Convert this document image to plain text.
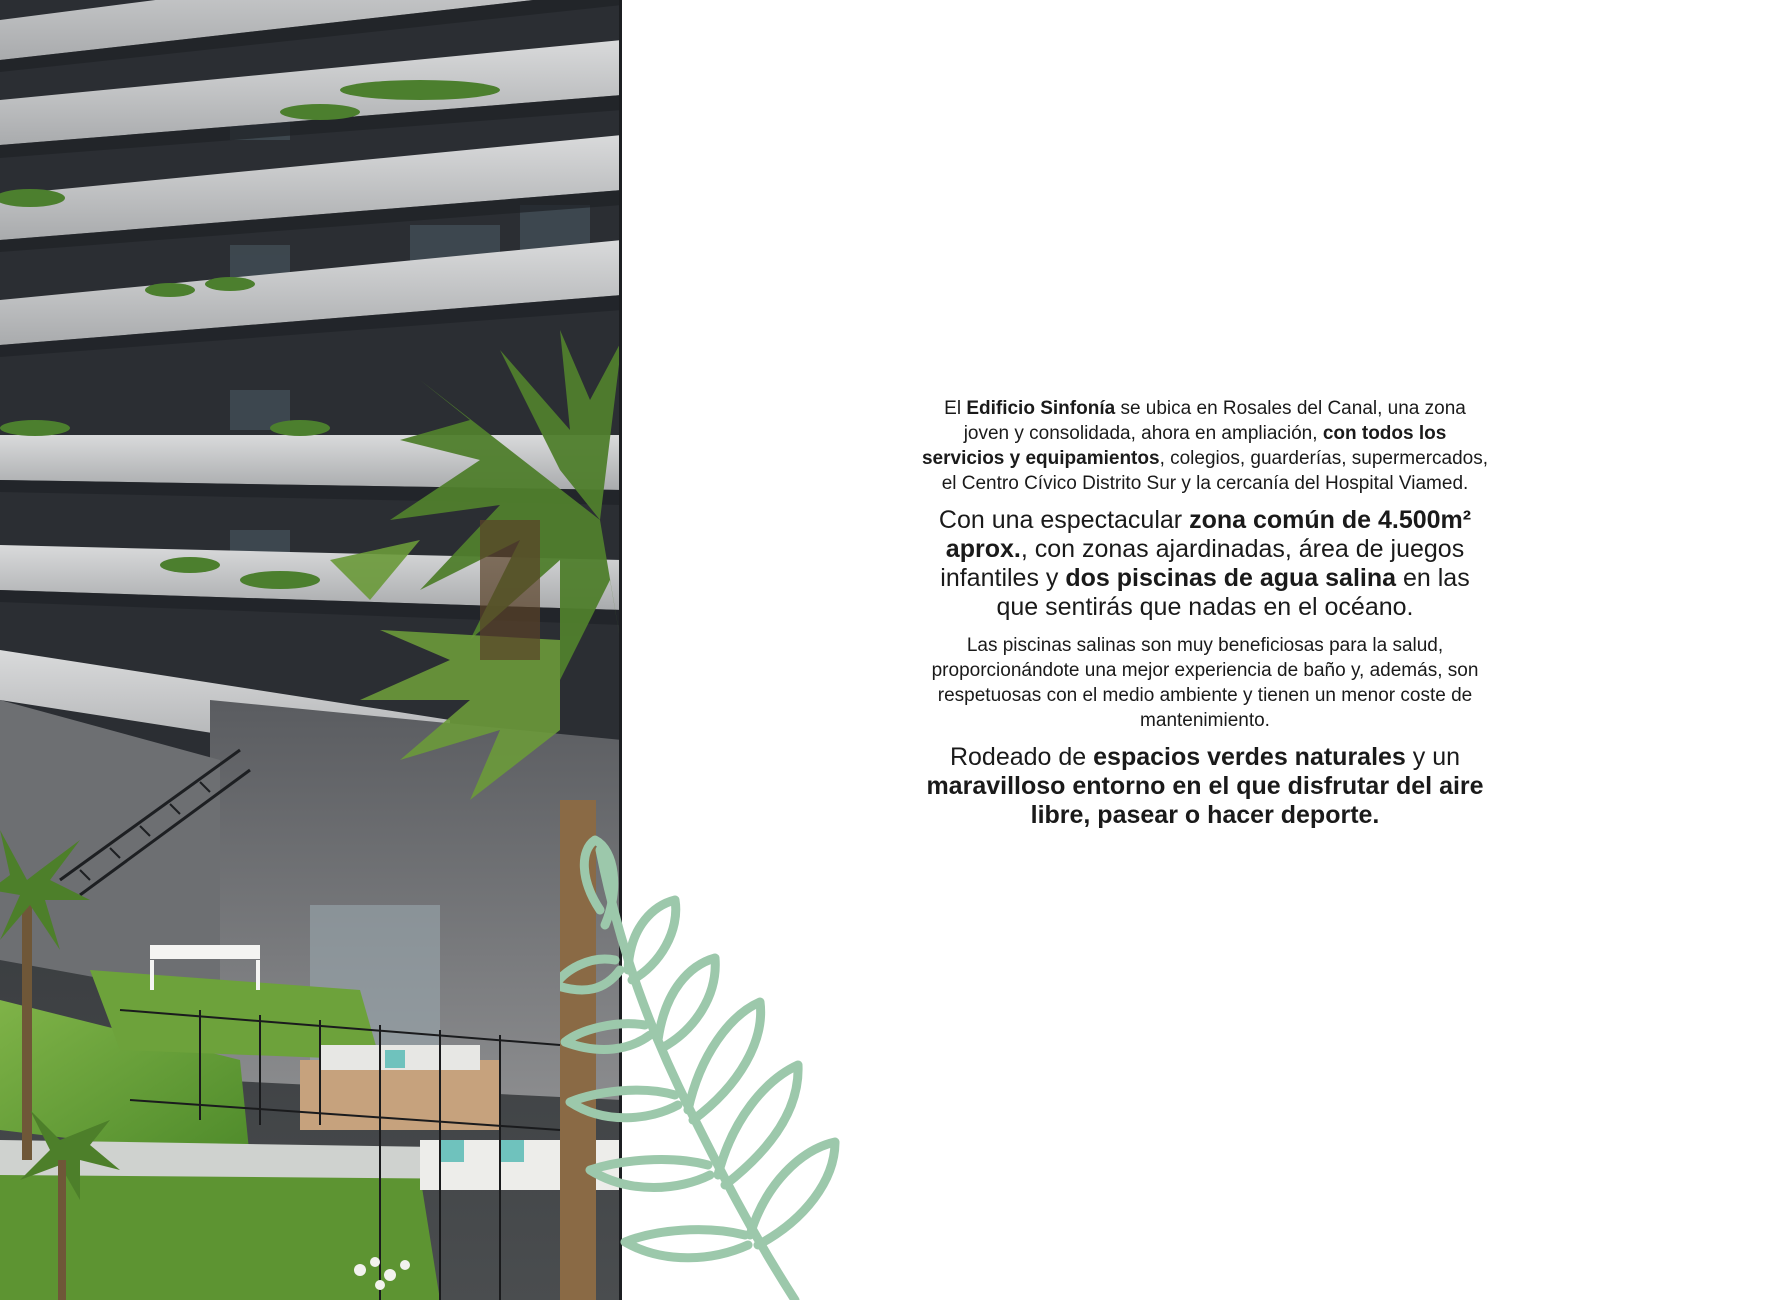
El Edificio Sinfonía se ubica en Rosales del Canal, una zona joven y consolidada, ahora en ampliación, con todos los servicios y equipamientos, colegios, guarderías, supermercados, el Centro Cívico Distrito Sur y la cercanía del Hospital Viamed.

Con una espectacular zona común de 4.500m² aprox., con zonas ajardinadas, área de juegos infantiles y dos piscinas de agua salina en las que sentirás que nadas en el océano.

Las piscinas salinas son muy beneficiosas para la salud, proporcionándote una mejor experiencia de baño y, además, son respetuosas con el medio ambiente y tienen un menor coste de mantenimiento.

Rodeado de espacios verdes naturales y un maravilloso entorno en el que disfrutar del aire libre, pasear o hacer deporte.
